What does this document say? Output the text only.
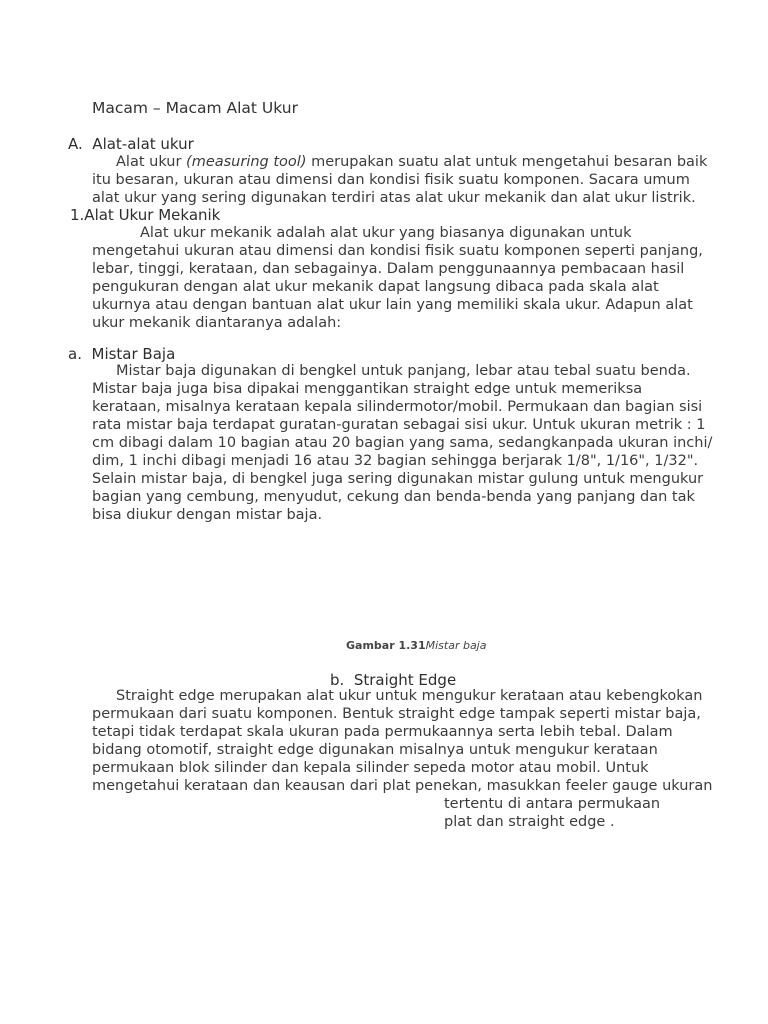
Macam – Macam Alat Ukur
A.  Alat-alat ukur
Alat ukur (measuring tool) merupakan suatu alat untuk mengetahui besaran baik
itu besaran, ukuran atau dimensi dan kondisi fisik suatu komponen. Sacara umum
alat ukur yang sering digunakan terdiri atas alat ukur mekanik dan alat ukur listrik.
1.Alat Ukur Mekanik
Alat ukur mekanik adalah alat ukur yang biasanya digunakan untuk
mengetahui ukuran atau dimensi dan kondisi fisik suatu komponen seperti panjang,
lebar, tinggi, kerataan, dan sebagainya. Dalam penggunaannya pembacaan hasil
pengukuran dengan alat ukur mekanik dapat langsung dibaca pada skala alat
ukurnya atau dengan bantuan alat ukur lain yang memiliki skala ukur. Adapun alat
ukur mekanik diantaranya adalah:
a.  Mistar Baja
Mistar baja digunakan di bengkel untuk panjang, lebar atau tebal suatu benda.
Mistar baja juga bisa dipakai menggantikan straight edge untuk memeriksa
kerataan, misalnya kerataan kepala silindermotor/mobil. Permukaan dan bagian sisi
rata mistar baja terdapat guratan-guratan sebagai sisi ukur. Untuk ukuran metrik : 1
cm dibagi dalam 10 bagian atau 20 bagian yang sama, sedangkanpada ukuran inchi/
dim, 1 inchi dibagi menjadi 16 atau 32 bagian sehingga berjarak 1/8", 1/16", 1/32".
Selain mistar baja, di bengkel juga sering digunakan mistar gulung untuk mengukur
bagian yang cembung, menyudut, cekung dan benda-benda yang panjang dan tak
bisa diukur dengan mistar baja.
Gambar 1.31Mistar baja
b.  Straight Edge
Straight edge merupakan alat ukur untuk mengukur kerataan atau kebengkokan
permukaan dari suatu komponen. Bentuk straight edge tampak seperti mistar baja,
tetapi tidak terdapat skala ukuran pada permukaannya serta lebih tebal. Dalam
bidang otomotif, straight edge digunakan misalnya untuk mengukur kerataan
permukaan blok silinder dan kepala silinder sepeda motor atau mobil. Untuk
mengetahui kerataan dan keausan dari plat penekan, masukkan feeler gauge ukuran
tertentu di antara permukaan
plat dan straight edge .
